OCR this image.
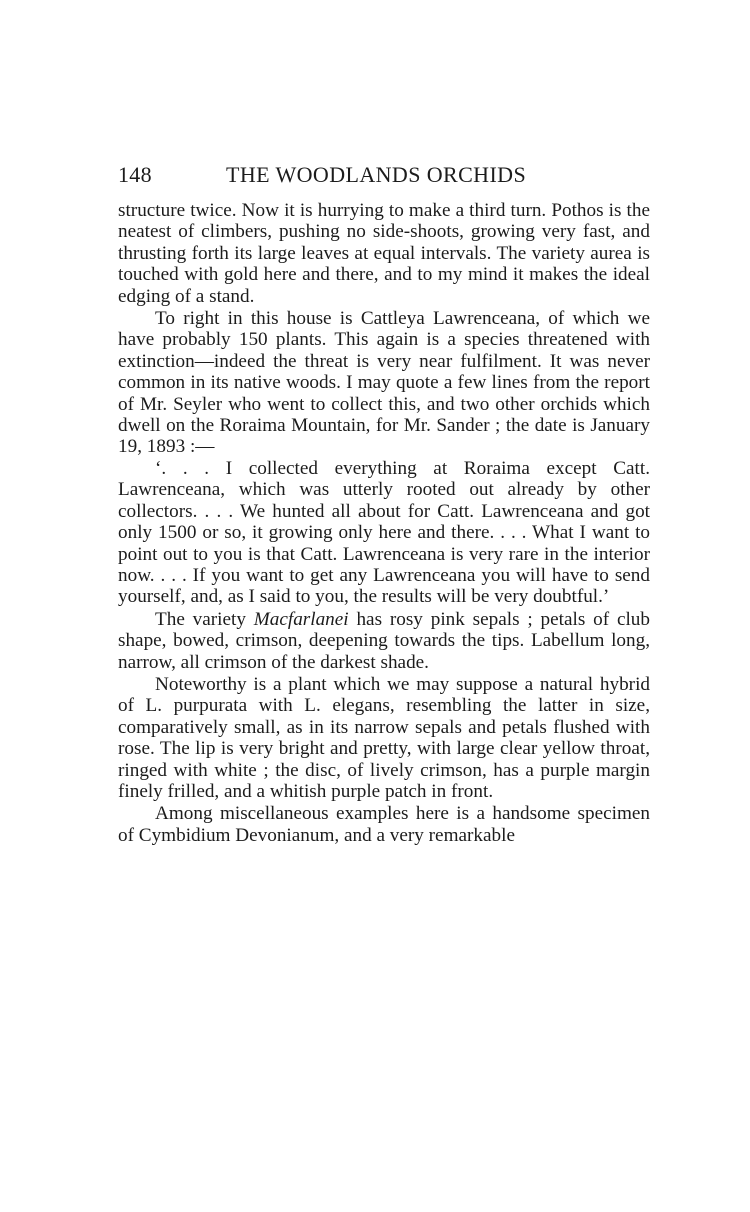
148	THE WOODLANDS ORCHIDS

structure twice. Now it is hurrying to make a third turn. Pothos is the neatest of climbers, pushing no side-shoots, growing very fast, and thrusting forth its large leaves at equal intervals. The variety aurea is touched with gold here and there, and to my mind it makes the ideal edging of a stand.

To right in this house is Cattleya Lawrenceana, of which we have probably 150 plants. This again is a species threatened with extinction—indeed the threat is very near fulfilment. It was never common in its native woods. I may quote a few lines from the report of Mr. Seyler who went to collect this, and two other orchids which dwell on the Roraima Mountain, for Mr. Sander ; the date is January 19, 1893 :—

‘. . . I collected everything at Roraima except Catt. Lawrenceana, which was utterly rooted out already by other collectors. . . . We hunted all about for Catt. Lawrenceana and got only 1500 or so, it growing only here and there. . . . What I want to point out to you is that Catt. Lawrenceana is very rare in the interior now. . . . If you want to get any Lawrenceana you will have to send yourself, and, as I said to you, the results will be very doubtful.’

The variety Macfarlanei has rosy pink sepals ; petals of club shape, bowed, crimson, deepening towards the tips. Labellum long, narrow, all crimson of the darkest shade.

Noteworthy is a plant which we may suppose a natural hybrid of L. purpurata with L. elegans, resembling the latter in size, comparatively small, as in its narrow sepals and petals flushed with rose. The lip is very bright and pretty, with large clear yellow throat, ringed with white ; the disc, of lively crimson, has a purple margin finely frilled, and a whitish purple patch in front.

Among miscellaneous examples here is a handsome specimen of Cymbidium Devonianum, and a very remarkable
